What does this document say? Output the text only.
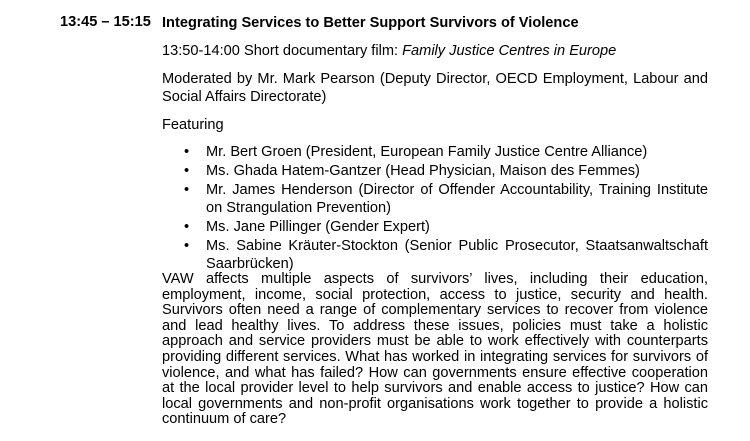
13:45 – 15:15 Integrating Services to Better Support Survivors of Violence

13:50-14:00 Short documentary film: Family Justice Centres in Europe

Moderated by Mr. Mark Pearson (Deputy Director, OECD Employment, Labour and Social Affairs Directorate)

Featuring

• Mr. Bert Groen (President, European Family Justice Centre Alliance)
• Ms. Ghada Hatem-Gantzer (Head Physician, Maison des Femmes)
• Mr. James Henderson (Director of Offender Accountability, Training Institute on Strangulation Prevention)
• Ms. Jane Pillinger (Gender Expert)
• Ms. Sabine Kräuter-Stockton (Senior Public Prosecutor, Staatsanwaltschaft Saarbrücken)

VAW affects multiple aspects of survivors’ lives, including their education, employment, income, social protection, access to justice, security and health. Survivors often need a range of complementary services to recover from violence and lead healthy lives. To address these issues, policies must take a holistic approach and service providers must be able to work effectively with counterparts providing different services. What has worked in integrating services for survivors of violence, and what has failed? How can governments ensure effective cooperation at the local provider level to help survivors and enable access to justice? How can local governments and non-profit organisations work together to provide a holistic continuum of care?
